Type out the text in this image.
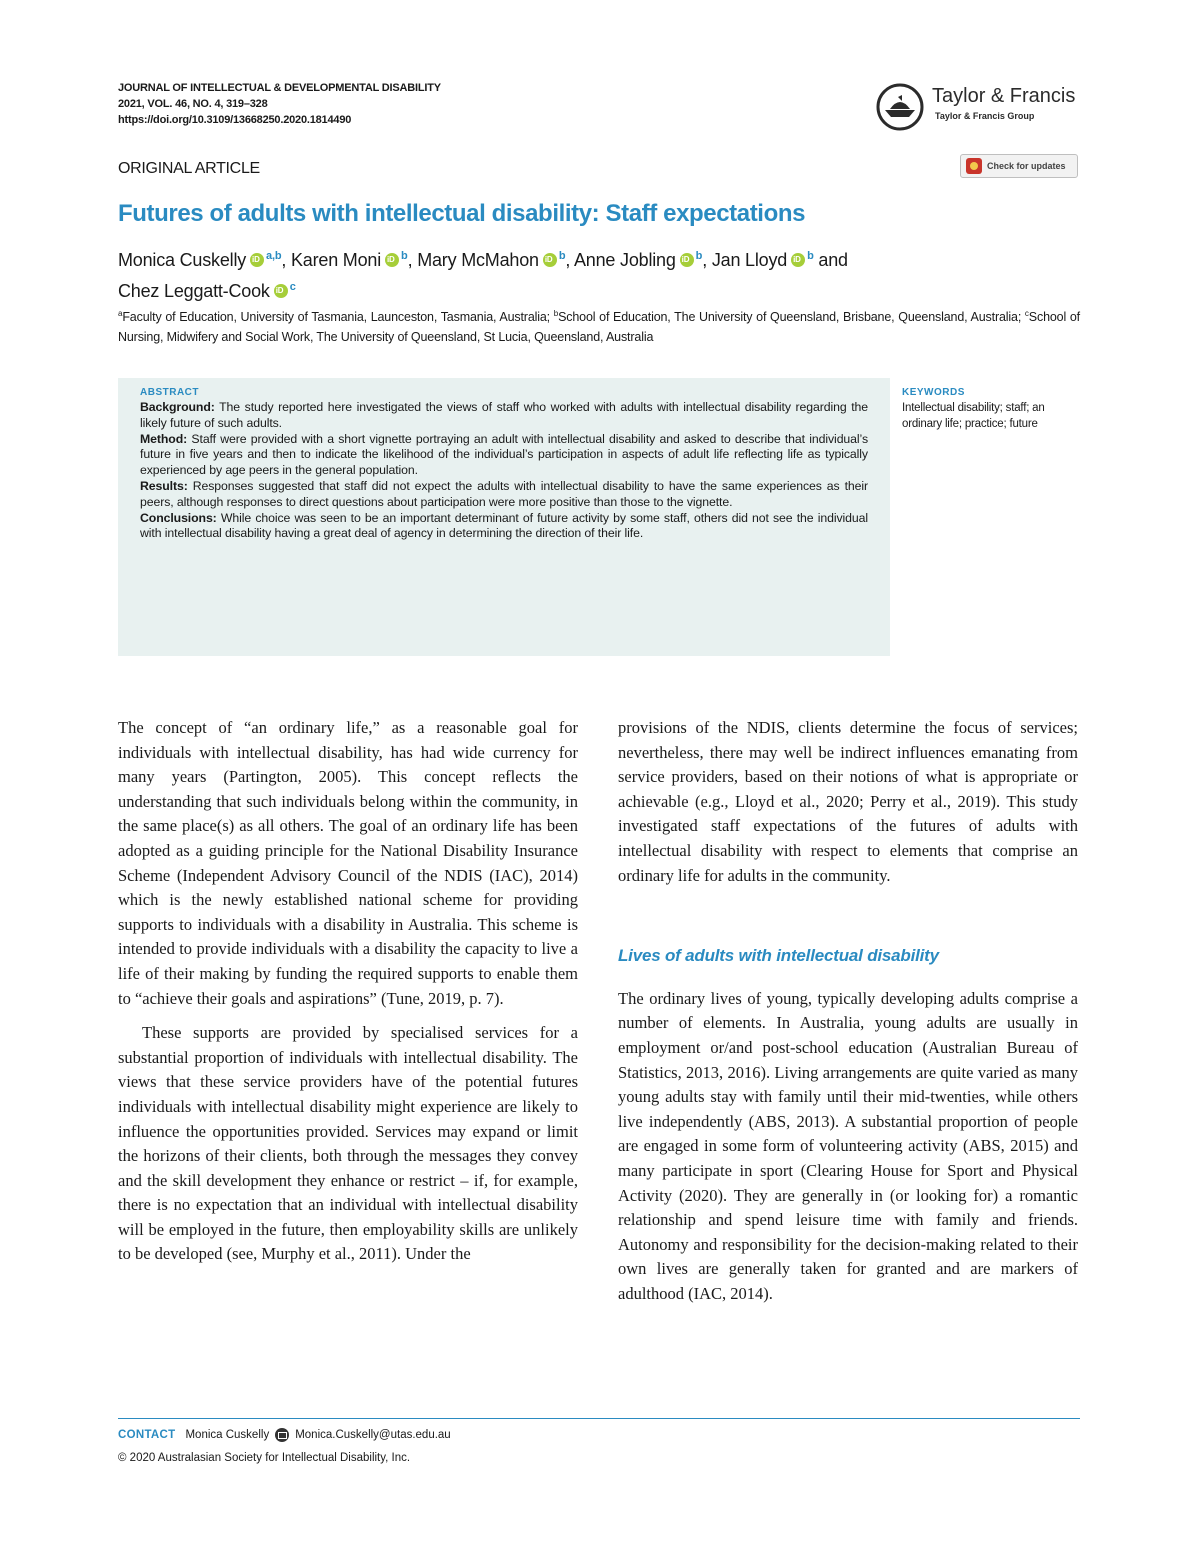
JOURNAL OF INTELLECTUAL & DEVELOPMENTAL DISABILITY
2021, VOL. 46, NO. 4, 319–328
https://doi.org/10.3109/13668250.2020.1814490
Taylor & Francis
Taylor & Francis Group
ORIGINAL ARTICLE	Check for updates
Futures of adults with intellectual disability: Staff expectations
Monica Cuskelly iD $^{a,b}$, Karen Moni iD $^b$, Mary McMahon iD $^b$, Anne Jobling iD $^b$, Jan Lloyd iD $^b$ and
Chez Leggatt-Cook iD $^c$
$^a$Faculty of Education, University of Tasmania, Launceston, Tasmania, Australia; $^b$School of Education, The University of Queensland, Brisbane, Queensland, Australia; $^c$School of Nursing, Midwifery and Social Work, The University of Queensland, St Lucia, Queensland, Australia
ABSTRACT

Background: The study reported here investigated the views of staff who worked with adults with intellectual disability regarding the likely future of such adults.

Method: Staff were provided with a short vignette portraying an adult with intellectual disability and asked to describe that individual’s future in five years and then to indicate the likelihood of the individual’s participation in aspects of adult life reflecting life as typically experienced by age peers in the general population.

Results: Responses suggested that staff did not expect the adults with intellectual disability to have the same experiences as their peers, although responses to direct questions about participation were more positive than those to the vignette.

Conclusions: While choice was seen to be an important determinant of future activity by some staff, others did not see the individual with intellectual disability having a great deal of agency in determining the direction of their life.

KEYWORDS
Intellectual disability; staff; an ordinary life; practice; future

The concept of “an ordinary life,” as a reasonable goal for individuals with intellectual disability, has had wide currency for many years (Partington, 2005). This concept reflects the understanding that such individuals belong within the community, in the same place(s) as all others. The goal of an ordinary life has been adopted as a guiding principle for the National Disability Insurance Scheme (Independent Advisory Council of the NDIS (IAC), 2014) which is the newly established national scheme for providing supports to individuals with a disability in Australia. This scheme is intended to provide individuals with a disability the capacity to live a life of their making by funding the required supports to enable them to “achieve their goals and aspirations” (Tune, 2019, p. 7).

These supports are provided by specialised services for a substantial proportion of individuals with intellectual disability. The views that these service providers have of the potential futures individuals with intellectual disability might experience are likely to influence the opportunities provided. Services may expand or limit the horizons of their clients, both through the messages they convey and the skill development they enhance or restrict – if, for example, there is no expectation that an individual with intellectual disability will be employed in the future, then employability skills are unlikely to be developed (see, Murphy et al., 2011). Under the

provisions of the NDIS, clients determine the focus of services; nevertheless, there may well be indirect influences emanating from service providers, based on their notions of what is appropriate or achievable (e.g., Lloyd et al., 2020; Perry et al., 2019). This study investigated staff expectations of the futures of adults with intellectual disability with respect to elements that comprise an ordinary life for adults in the community.

Lives of adults with intellectual disability

The ordinary lives of young, typically developing adults comprise a number of elements. In Australia, young adults are usually in employment or/and post-school education (Australian Bureau of Statistics, 2013, 2016). Living arrangements are quite varied as many young adults stay with family until their mid-twenties, while others live independently (ABS, 2013). A substantial proportion of people are engaged in some form of volunteering activity (ABS, 2015) and many participate in sport (Clearing House for Sport and Physical Activity (2020). They are generally in (or looking for) a romantic relationship and spend leisure time with family and friends. Autonomy and responsibility for the decision-making related to their own lives are generally taken for granted and are markers of adulthood (IAC, 2014).

CONTACT Monica Cuskelly Monica.Cuskelly@utas.edu.au
© 2020 Australasian Society for Intellectual Disability, Inc.
